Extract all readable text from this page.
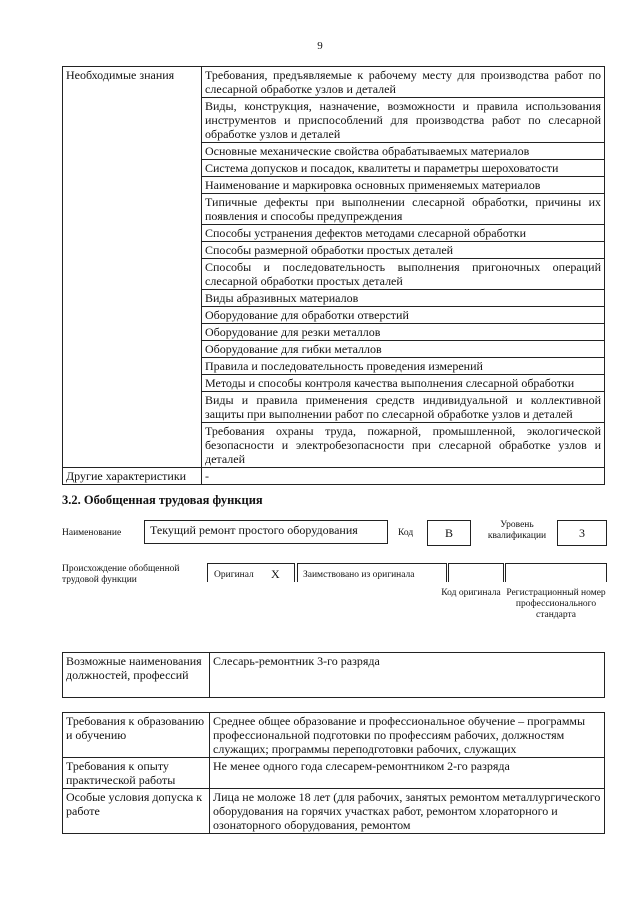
9
Необходимые знания	Требования, предъявляемые к рабочему месту для производства работ по слесарной обработке узлов и деталей
	Виды, конструкция, назначение, возможности и правила использования инструментов и приспособлений для производства работ по слесарной обработке узлов и деталей
	Основные механические свойства обрабатываемых материалов
	Система допусков и посадок, квалитеты и параметры шероховатости
	Наименование и маркировка основных применяемых материалов
	Типичные дефекты при выполнении слесарной обработки, причины их появления и способы предупреждения
	Способы устранения дефектов методами слесарной обработки
	Способы размерной обработки простых деталей
	Способы и последовательность выполнения пригоночных операций слесарной обработки простых деталей
	Виды абразивных материалов
	Оборудование для обработки отверстий
	Оборудование для резки металлов
	Оборудование для гибки металлов
	Правила и последовательность проведения измерений
	Методы и способы контроля качества выполнения слесарной обработки
	Виды и правила применения средств индивидуальной и коллективной защиты при выполнении работ по слесарной обработке узлов и деталей
	Требования охраны труда, пожарной, промышленной, экологической безопасности и электробезопасности при слесарной обработке узлов и деталей
Другие характеристики	-
3.2. Обобщенная трудовая функция
Наименование	Текущий ремонт простого оборудования	Код	В
Уровень квалификации	3
Происхождение обобщенной трудовой функции	Оригинал Х Заимствовано из оригинала
Код оригинала Регистрационный номер профессионального стандарта
Возможные наименования должностей, профессий	Слесарь-ремонтник 3-го разряда
Требования к образованию и обучению	Среднее общее образование и профессиональное обучение – программы профессиональной подготовки по профессиям рабочих, должностям служащих; программы переподготовки рабочих, служащих
Требования к опыту практической работы	Не менее одного года слесарем-ремонтником 2-го разряда
Особые условия допуска к работе	Лица не моложе 18 лет (для рабочих, занятых ремонтом металлургического оборудования на горячих участках работ, ремонтом хлораторного и озонаторного оборудования, ремонтом
